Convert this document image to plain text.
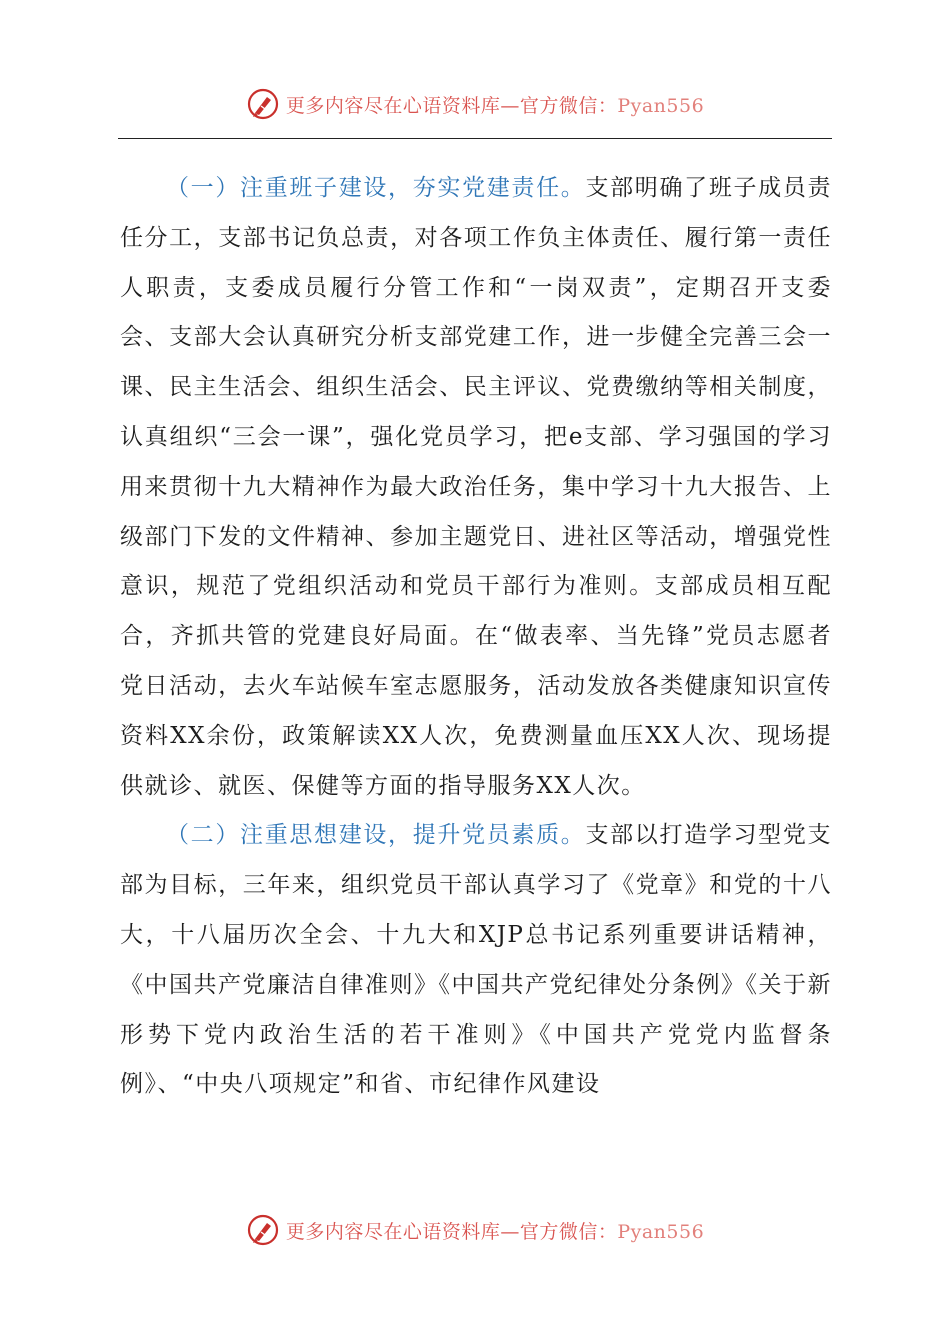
更多内容尽在心语资料库—官方微信：Pyan556

（一）注重班子建设，夯实党建责任。支部明确了班子成员责任分工，支部书记负总责，对各项工作负主体责任、履行第一责任人职责，支委成员履行分管工作和“一岗双责”，定期召开支委会、支部大会认真研究分析支部党建工作，进一步健全完善三会一课、民主生活会、组织生活会、民主评议、党费缴纳等相关制度，认真组织“三会一课”，强化党员学习，把e支部、学习强国的学习用来贯彻十九大精神作为最大政治任务，集中学习十九大报告、上级部门下发的文件精神、参加主题党日、进社区等活动，增强党性意识，规范了党组织活动和党员干部行为准则。支部成员相互配合，齐抓共管的党建良好局面。在“做表率、当先锋”党员志愿者党日活动，去火车站候车室志愿服务，活动发放各类健康知识宣传资料XX余份，政策解读XX人次，免费测量血压XX人次、现场提供就诊、就医、保健等方面的指导服务XX人次。

（二）注重思想建设，提升党员素质。支部以打造学习型党支部为目标，三年来，组织党员干部认真学习了《党章》和党的十八大，十八届历次全会、十九大和XJP总书记系列重要讲话精神，《中国共产党廉洁自律准则》《中国共产党纪律处分条例》《关于新形势下党内政治生活的若干准则》《中国共产党党内监督条例》、“中央八项规定”和省、市纪律作风建设

更多内容尽在心语资料库—官方微信：Pyan556
